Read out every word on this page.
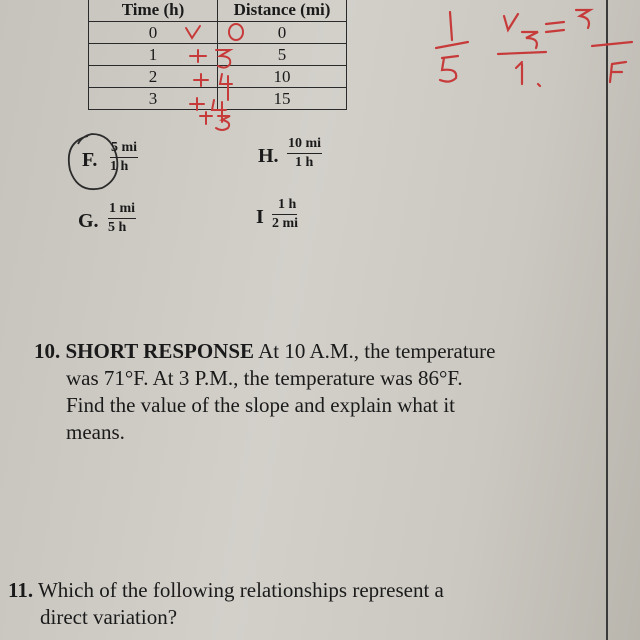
Time (h)	Distance (mi)
0	0
1	5
2	10
3	15
F. $\frac{5 mi}{1 h}$	H. $\frac{10 mi}{1 h}$
G. $\frac{1 mi}{5 h}$	I $\frac{1 h}{2 mi}$
10. SHORT RESPONSE At 10 A.M., the temperature
was 71°F. At 3 P.M., the temperature was 86°F.
Find the value of the slope and explain what it
means.
11. Which of the following relationships represent a
direct variation?
